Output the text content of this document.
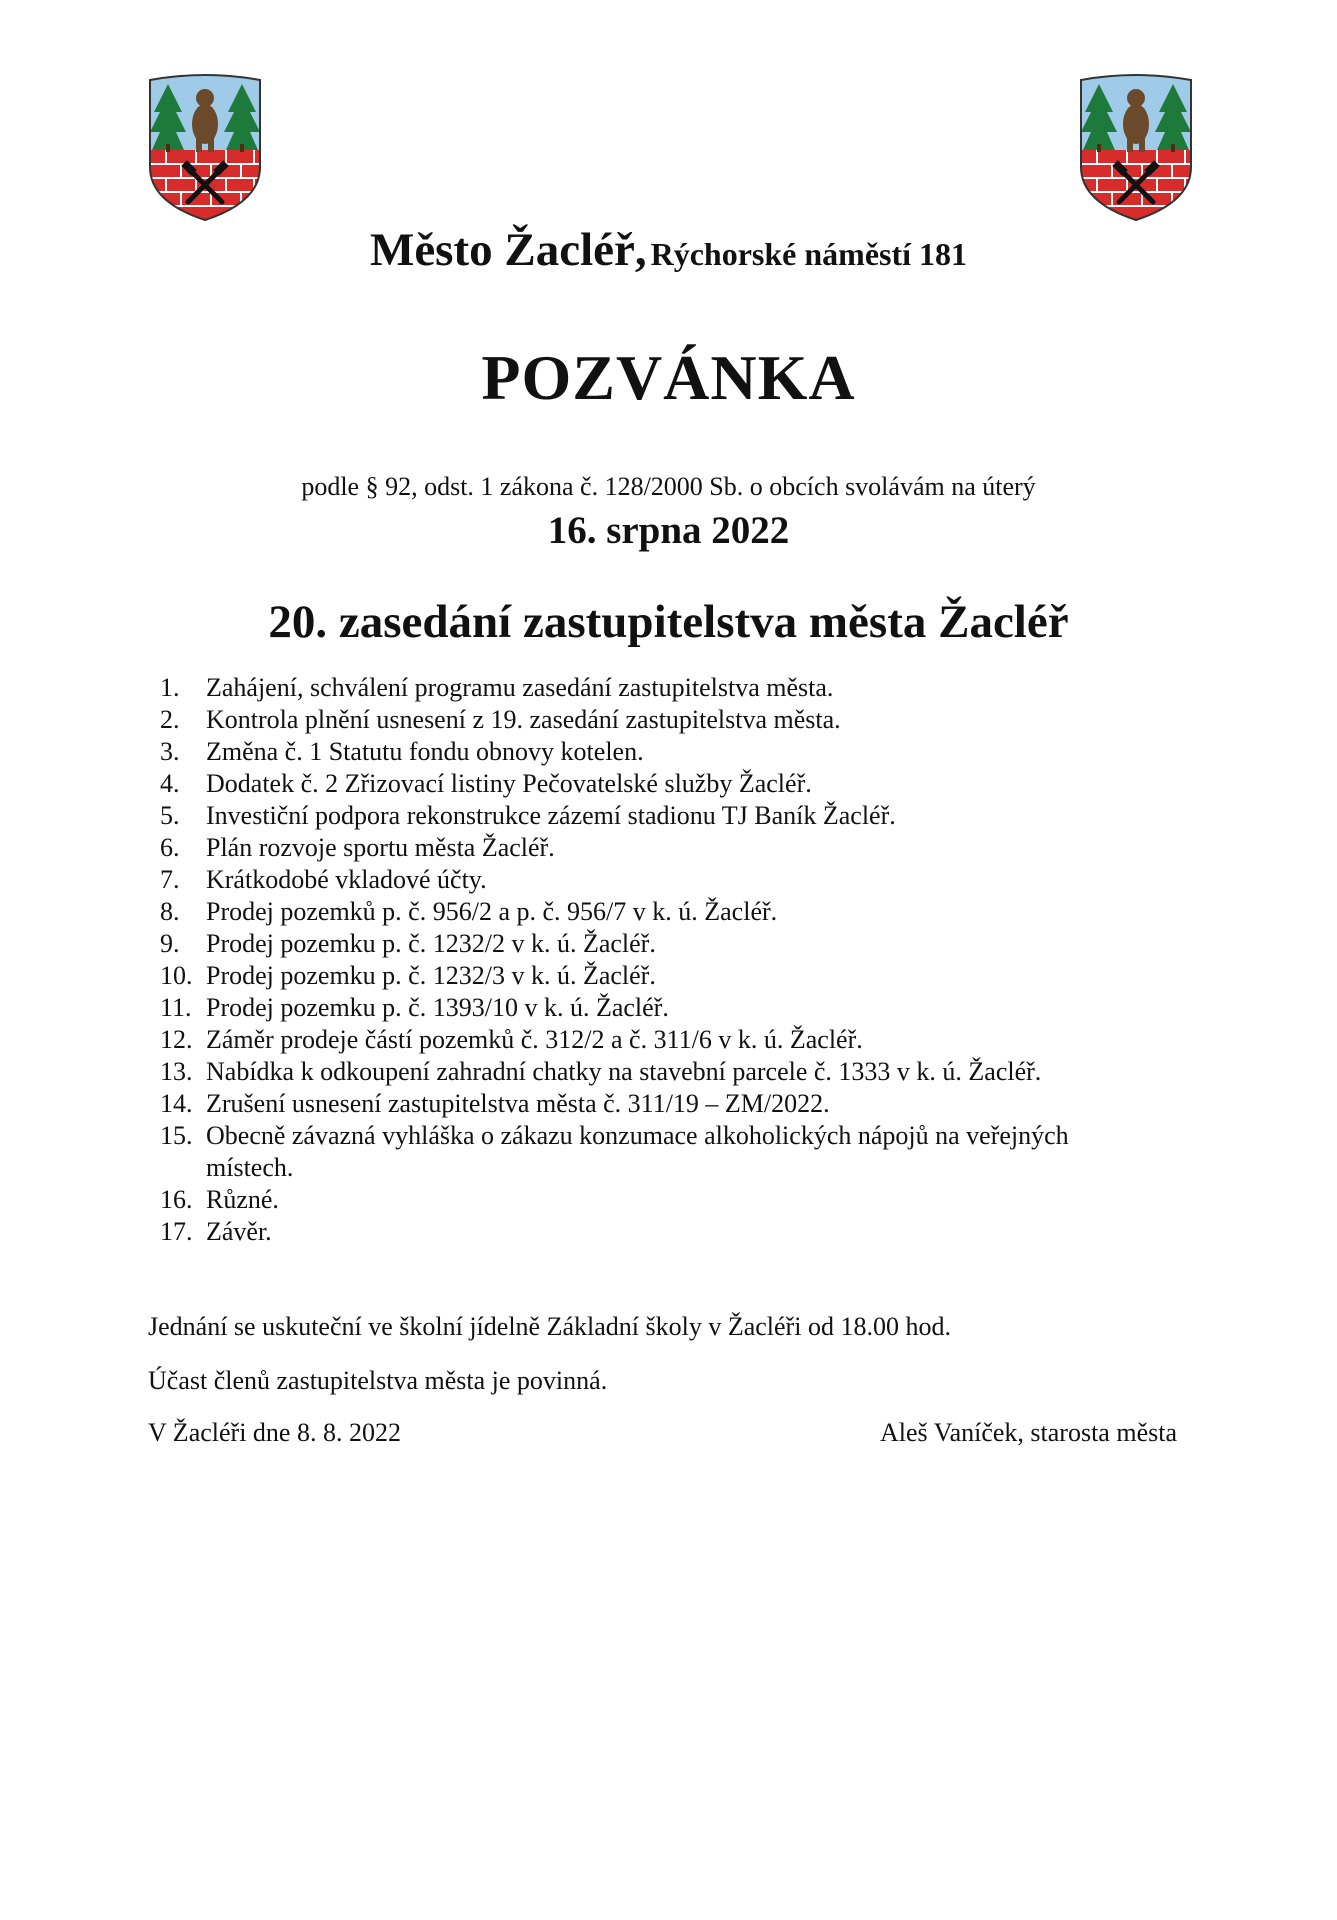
Město Žacléř, Rýchorské náměstí 181
POZVÁNKA
podle § 92, odst. 1 zákona č. 128/2000 Sb. o obcích svolávám na úterý
16. srpna 2022
20. zasedání zastupitelstva města Žacléř
1.	Zahájení, schválení programu zasedání zastupitelstva města.
2.	Kontrola plnění usnesení z 19. zasedání zastupitelstva města.
3.	Změna č. 1 Statutu fondu obnovy kotelen.
4.	Dodatek č. 2 Zřizovací listiny Pečovatelské služby Žacléř.
5.	Investiční podpora rekonstrukce zázemí stadionu TJ Baník Žacléř.
6.	Plán rozvoje sportu města Žacléř.
7.	Krátkodobé vkladové účty.
8.	Prodej pozemků p. č. 956/2 a p. č. 956/7 v k. ú. Žacléř.
9.	Prodej pozemku p. č. 1232/2 v k. ú. Žacléř.
10. Prodej pozemku p. č. 1232/3 v k. ú. Žacléř.
11. Prodej pozemku p. č. 1393/10 v k. ú. Žacléř.
12. Záměr prodeje částí pozemků č. 312/2 a č. 311/6 v k. ú. Žacléř.
13. Nabídka k odkoupení zahradní chatky na stavební parcele č. 1333 v k. ú. Žacléř.
14. Zrušení usnesení zastupitelstva města č. 311/19 – ZM/2022.
15. Obecně závazná vyhláška o zákazu konzumace alkoholických nápojů na veřejných místech.
16. Různé.
17. Závěr.
Jednání se uskuteční ve školní jídelně Základní školy v Žacléři od 18.00 hod.
Účast členů zastupitelstva města je povinná.
V Žacléři dne 8. 8. 2022	Aleš Vaníček, starosta města
